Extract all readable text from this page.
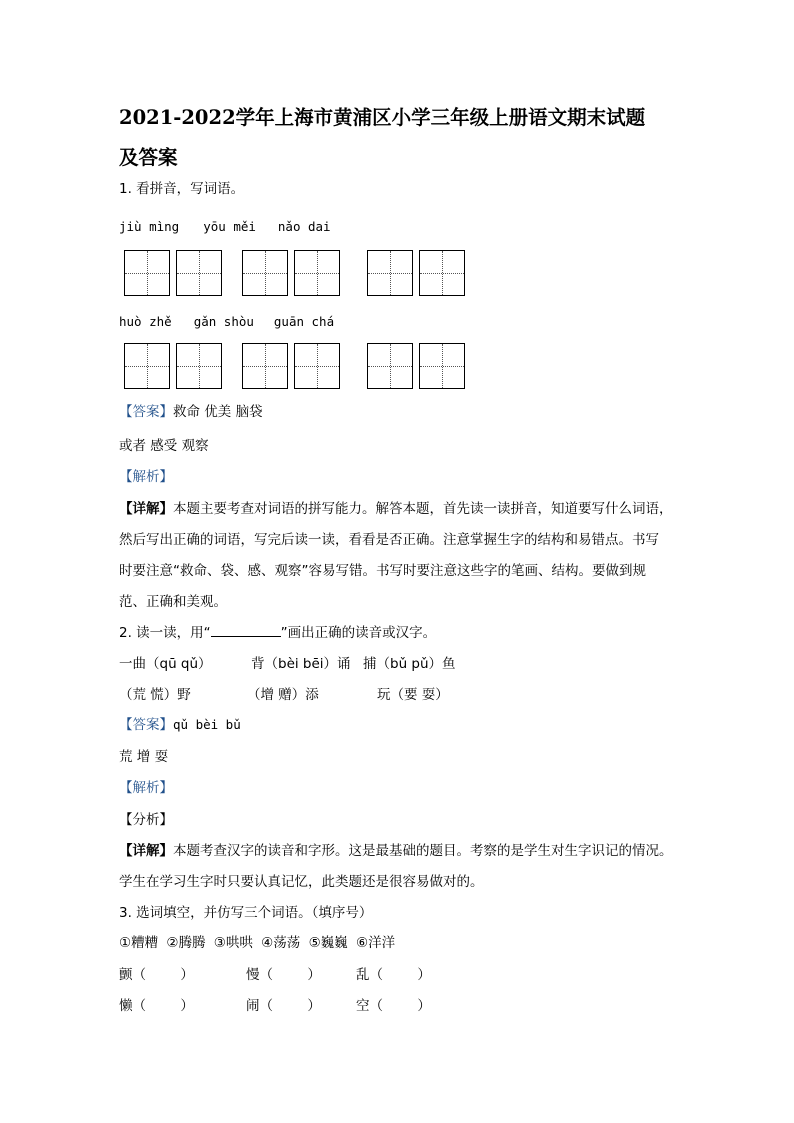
2021-2022学年上海市黄浦区小学三年级上册语文期末试题
及答案
1. 看拼音，写词语。
jiù mìng yōu měi nǎo dai
huò zhě gǎn shòu guān chá
【答案】救命 优美 脑袋
或者 感受 观察
【解析】
【详解】本题主要考查对词语的拼写能力。解答本题，首先读一读拼音，知道要写什么词语，
然后写出正确的词语，写完后读一读，看看是否正确。注意掌握生字的结构和易错点。书写
时要注意“救命、袋、感、观察”容易写错。书写时要注意这些字的笔画、结构。要做到规
范、正确和美观。
2. 读一读，用“	”画出正确的读音或汉字。
一曲（qū qǔ）	背（bèi bēi）诵 捕（bǔ pǔ）鱼
（荒 慌）野	（增 赠）添	玩（要 耍）
【答案】qǔ bèi bǔ
荒 增 耍
【解析】
【分析】
【详解】本题考查汉字的读音和字形。这是最基础的题目。考察的是学生对生字识记的情况。
学生在学习生字时只要认真记忆，此类题还是很容易做对的。
3. 选词填空，并仿写三个词语。（填序号）
①糟糟 ②腾腾 ③哄哄 ④荡荡 ⑤巍巍 ⑥洋洋
颤（        ）	慢（        ）	乱（        ）
懒（        ）	闹（        ）	空（        ）
